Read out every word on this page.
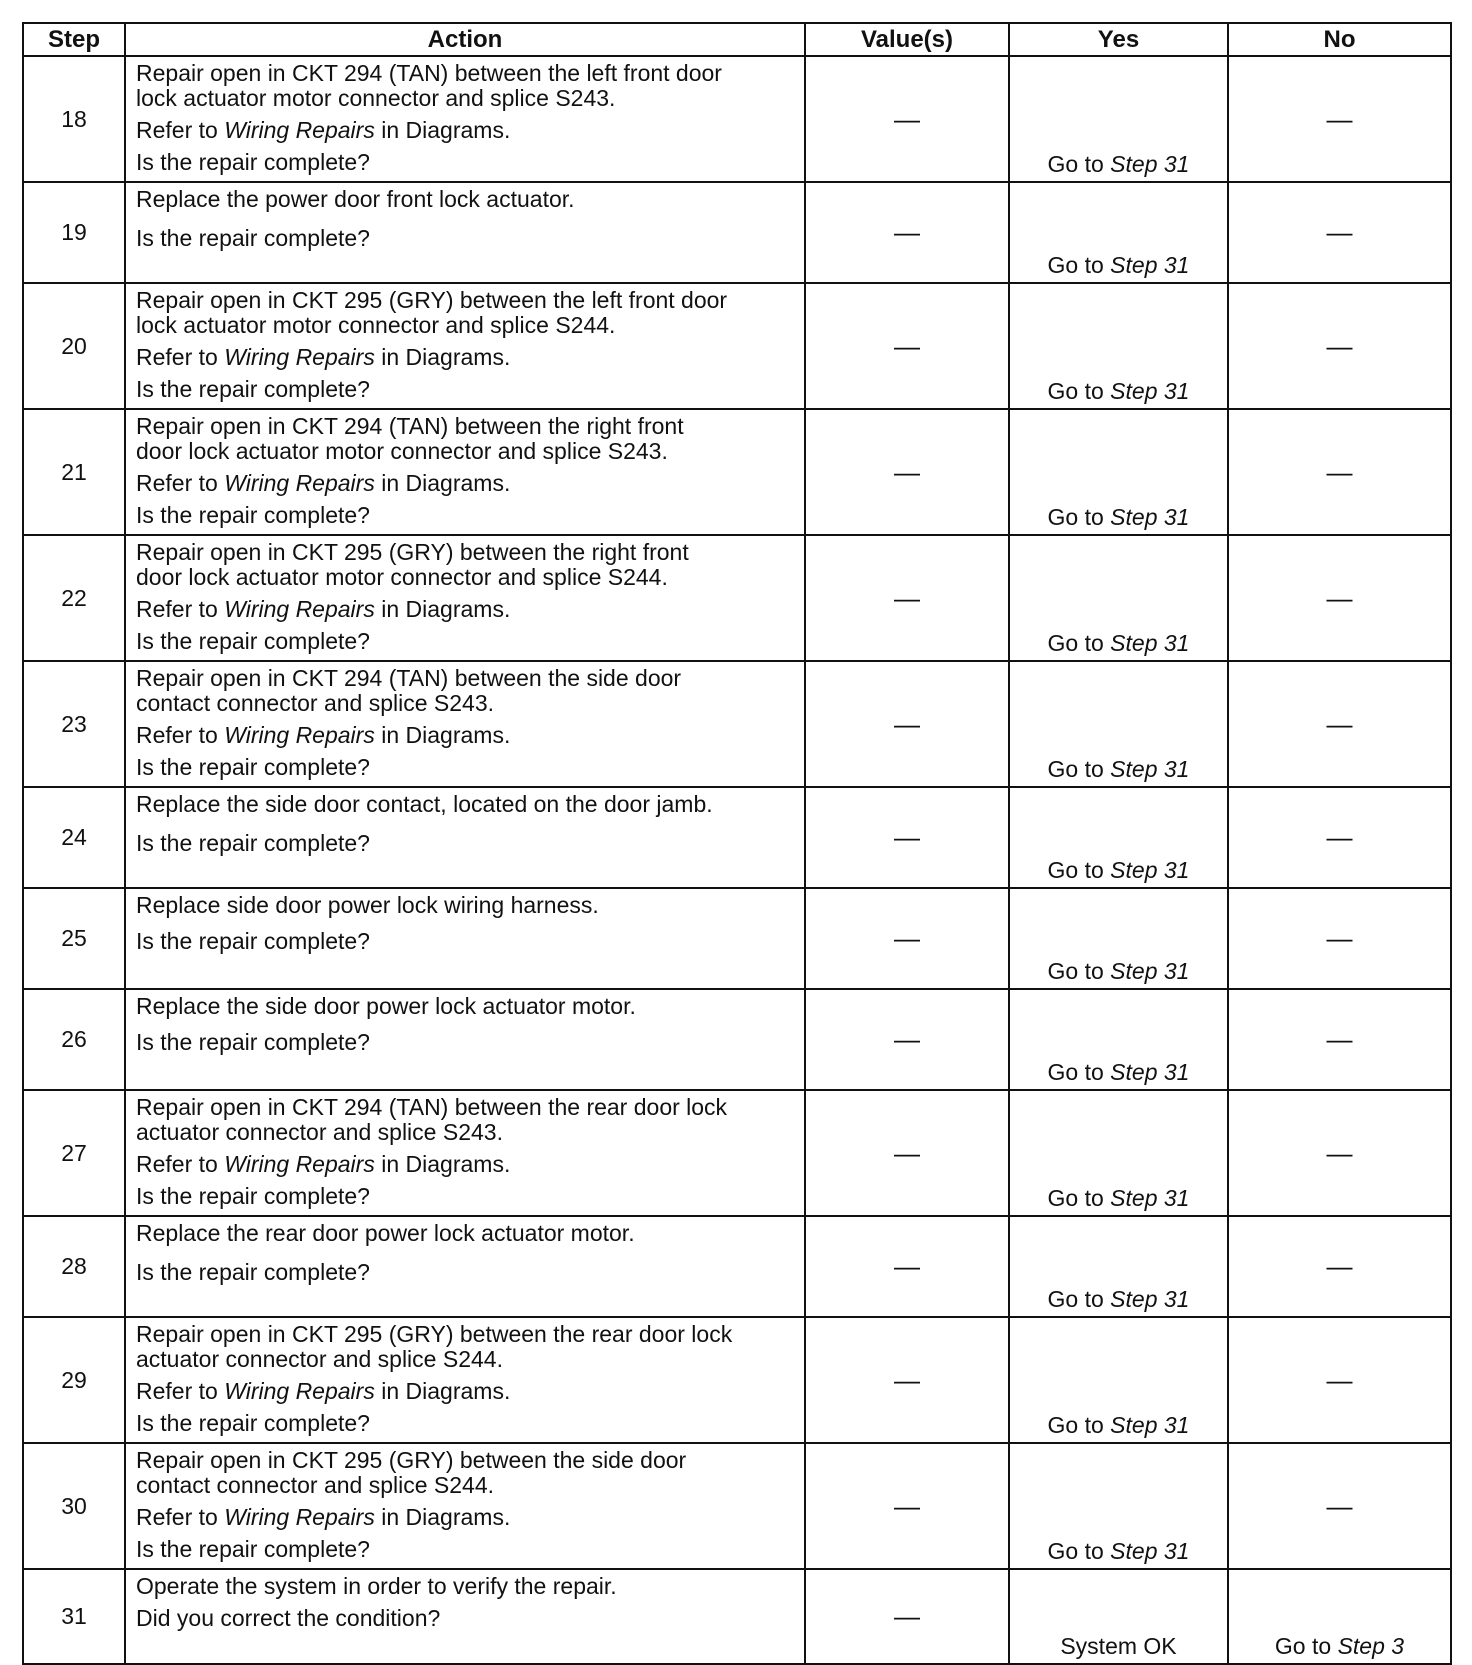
Step	Action	Value(s)	Yes	No
18	Repair open in CKT 294 (TAN) between the left front door
lock actuator motor connector and splice S243.
Refer to Wiring Repairs in Diagrams.
Is the repair complete?	—	Go to Step 31	—
19	Replace the power door front lock actuator.
Is the repair complete?	—	Go to Step 31	—
20	Repair open in CKT 295 (GRY) between the left front door
lock actuator motor connector and splice S244.
Refer to Wiring Repairs in Diagrams.
Is the repair complete?	—	Go to Step 31	—
21	Repair open in CKT 294 (TAN) between the right front
door lock actuator motor connector and splice S243.
Refer to Wiring Repairs in Diagrams.
Is the repair complete?	—	Go to Step 31	—
22	Repair open in CKT 295 (GRY) between the right front
door lock actuator motor connector and splice S244.
Refer to Wiring Repairs in Diagrams.
Is the repair complete?	—	Go to Step 31	—
23	Repair open in CKT 294 (TAN) between the side door
contact connector and splice S243.
Refer to Wiring Repairs in Diagrams.
Is the repair complete?	—	Go to Step 31	—
24	Replace the side door contact, located on the door jamb.
Is the repair complete?	—	Go to Step 31	—
25	Replace side door power lock wiring harness.
Is the repair complete?	—	Go to Step 31	—
26	Replace the side door power lock actuator motor.
Is the repair complete?	—	Go to Step 31	—
27	Repair open in CKT 294 (TAN) between the rear door lock
actuator connector and splice S243.
Refer to Wiring Repairs in Diagrams.
Is the repair complete?	—	Go to Step 31	—
28	Replace the rear door power lock actuator motor.
Is the repair complete?	—	Go to Step 31	—
29	Repair open in CKT 295 (GRY) between the rear door lock
actuator connector and splice S244.
Refer to Wiring Repairs in Diagrams.
Is the repair complete?	—	Go to Step 31	—
30	Repair open in CKT 295 (GRY) between the side door
contact connector and splice S244.
Refer to Wiring Repairs in Diagrams.
Is the repair complete?	—	Go to Step 31	—
31	Operate the system in order to verify the repair.
Did you correct the condition?	—	System OK	Go to Step 3
